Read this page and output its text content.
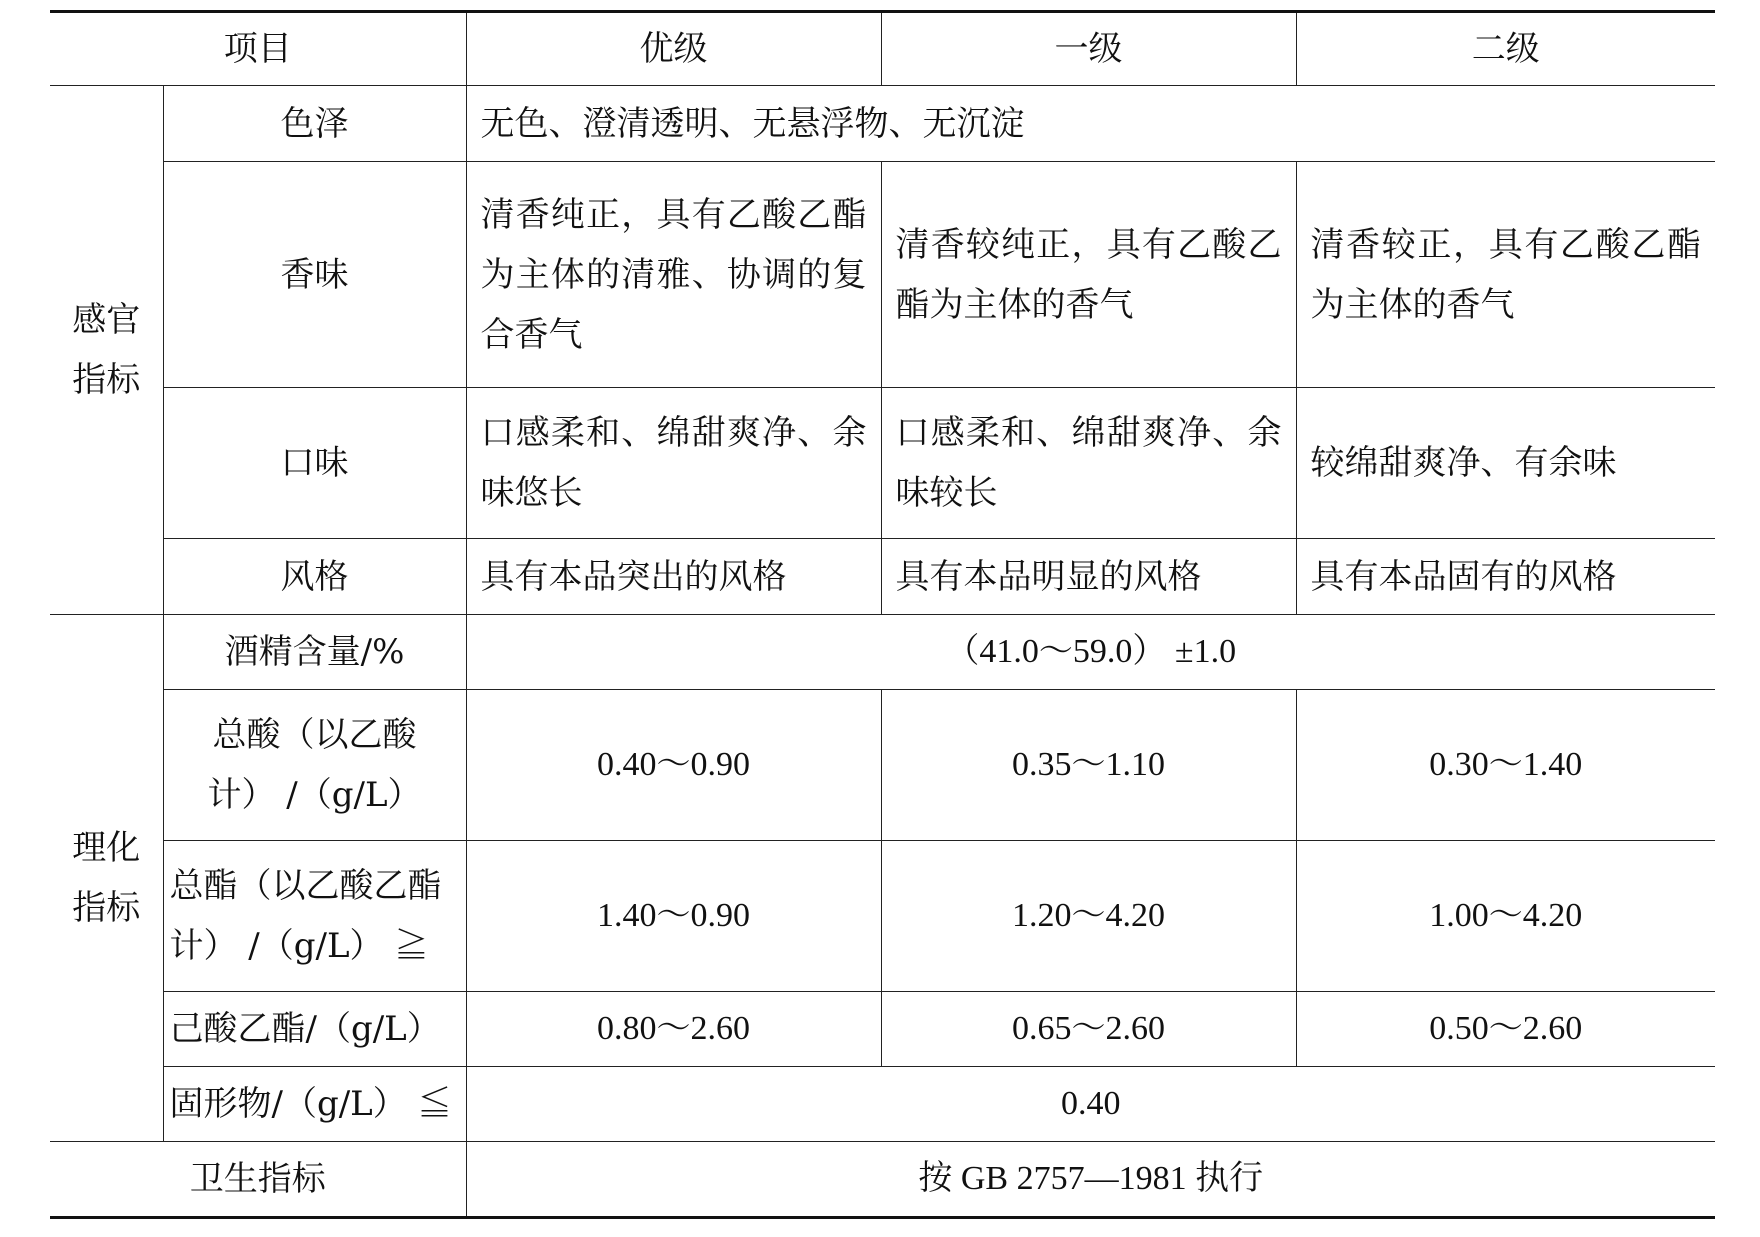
项目		优级	一级	二级
感官指标	色泽	无色、澄清透明、无悬浮物、无沉淀		
	香味	清香纯正，具有乙酸乙酯为主体的清雅、协调的复合香气	清香较纯正，具有乙酸乙酯为主体的香气	清香较正，具有乙酸乙酯为主体的香气
	口味	口感柔和、绵甜爽净、余味悠长	口感柔和、绵甜爽净、余味较长	较绵甜爽净、有余味
	风格	具有本品突出的风格	具有本品明显的风格	具有本品固有的风格
理化指标	酒精含量/%	（41.0～59.0） ±1.0		
	总酸（以乙酸计） /（g/L）	0.40～0.90	0.35～1.10	0.30～1.40
	总酯（以乙酸乙酯计） /（g/L） ≧	1.40～0.90	1.20～4.20	1.00～4.20
	己酸乙酯/（g/L）	0.80～2.60	0.65～2.60	0.50～2.60
	固形物/（g/L） ≦	0.40		
卫生指标		按 GB 2757—1981 执行		
